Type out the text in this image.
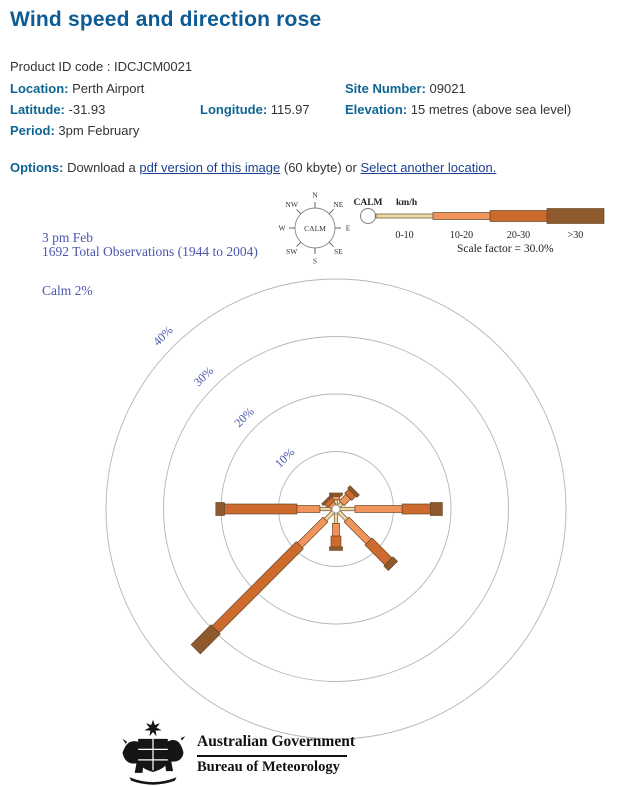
Wind speed and direction rose
Product ID code : IDCJCM0021
Location: Perth Airport	Site Number: 09021
Latitude: -31.93	Longitude: 115.97	Elevation: 15 metres (above sea level)
Period: 3pm February
Options: Download a pdf version of this image (60 kbyte) or Select another location.
10%
20%
30%
40%
CALM
N
NE
E
SE
S
SW
W
NW	CALM km/h
0-10	10-20	20-30	>30
Scale factor = 30.0%
3 pm Feb
1692 Total Observations (1944 to 2004)
Calm 2%
Australian Government
Bureau of Meteorology
